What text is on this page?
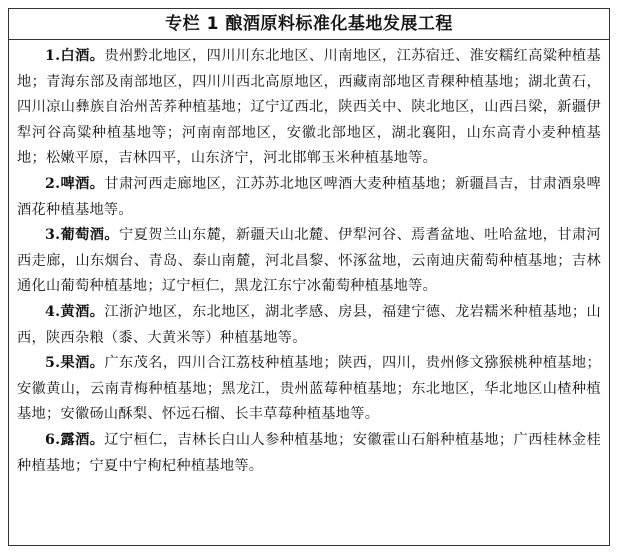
专栏 1 酿酒原料标准化基地发展工程

1.白酒。贵州黔北地区，四川川东北地区、川南地区，江苏宿迁、淮安糯红高粱种植基地；青海东部及南部地区，四川川西北高原地区，西藏南部地区青稞种植基地；湖北黄石，四川凉山彝族自治州苦荞种植基地；辽宁辽西北，陕西关中、陕北地区，山西吕梁，新疆伊犁河谷高粱种植基地等；河南南部地区，安徽北部地区，湖北襄阳，山东高青小麦种植基地；松嫩平原，吉林四平，山东济宁，河北邯郸玉米种植基地等。

2.啤酒。甘肃河西走廊地区，江苏苏北地区啤酒大麦种植基地；新疆昌吉，甘肃酒泉啤酒花种植基地等。

3.葡萄酒。宁夏贺兰山东麓，新疆天山北麓、伊犁河谷、焉耆盆地、吐哈盆地，甘肃河西走廊，山东烟台、青岛、泰山南麓，河北昌黎、怀涿盆地，云南迪庆葡萄种植基地；吉林通化山葡萄种植基地；辽宁桓仁，黑龙江东宁冰葡萄种植基地等。

4.黄酒。江浙沪地区，东北地区，湖北孝感、房县，福建宁德、龙岩糯米种植基地；山西，陕西杂粮（黍、大黄米等）种植基地等。

5.果酒。广东茂名，四川合江荔枝种植基地；陕西，四川，贵州修文猕猴桃种植基地；安徽黄山，云南青梅种植基地；黑龙江，贵州蓝莓种植基地；东北地区，华北地区山楂种植基地；安徽砀山酥梨、怀远石榴、长丰草莓种植基地等。

6.露酒。辽宁桓仁，吉林长白山人参种植基地；安徽霍山石斛种植基地；广西桂林金桂种植基地；宁夏中宁枸杞种植基地等。
